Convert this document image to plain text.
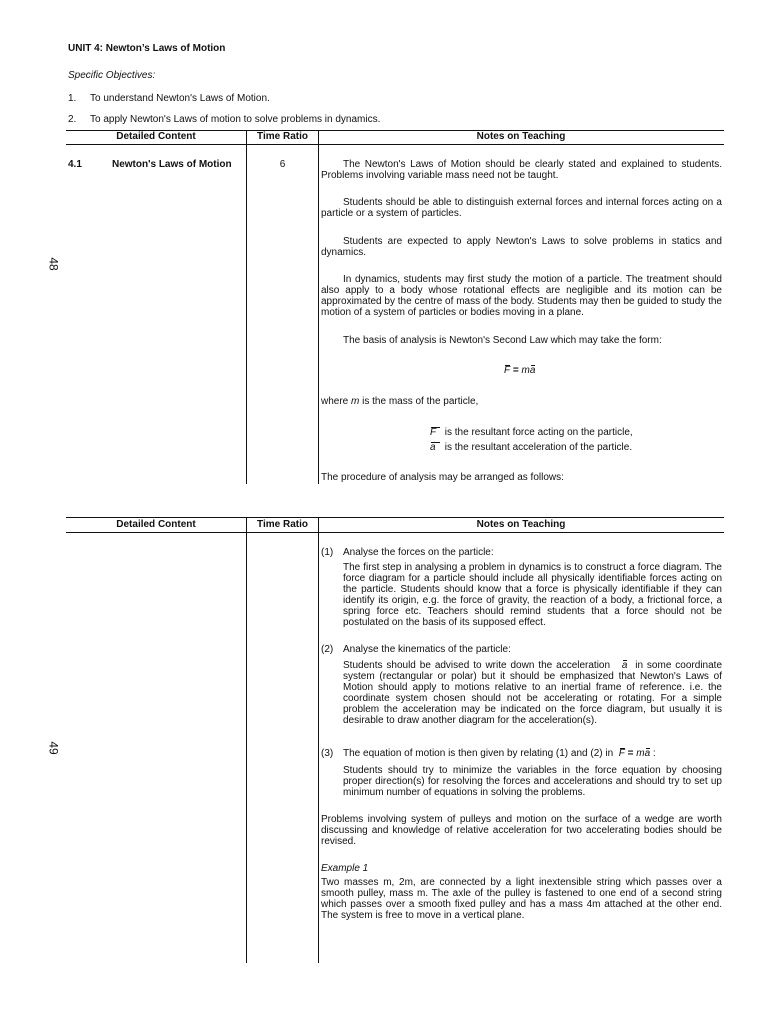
UNIT 4: Newton’s Laws of Motion
Specific Objectives:
1. To understand Newton's Laws of Motion.
2. To apply Newton's Laws of motion to solve problems in dynamics.
Detailed Content	Time Ratio	Notes on Teaching
48
4.1	Newton's Laws of Motion	6	The Newton's Laws of Motion should be clearly stated and explained to students. Problems involving variable mass need not be taught.
Students should be able to distinguish external forces and internal forces acting on a particle or a system of particles.
Students are expected to apply Newton's Laws to solve problems in statics and dynamics.
In dynamics, students may first study the motion of a particle. The treatment should also apply to a body whose rotational effects are negligible and its motion can be approximated by the centre of mass of the body. Students may then be guided to study the motion of a system of particles or bodies moving in a plane.
The basis of analysis is Newton's Second Law which may take the form:
F = ma
where m is the mass of the particle,
F is the resultant force acting on the particle,
a is the resultant acceleration of the particle.
The procedure of analysis may be arranged as follows:
Detailed Content	Time Ratio	Notes on Teaching
49
(1) Analyse the forces on the particle:
The first step in analysing a problem in dynamics is to construct a force diagram. The force diagram for a particle should include all physically identifiable forces acting on the particle. Students should know that a force is physically identifiable if they can identify its origin, e.g. the force of gravity, the reaction of a body, a frictional force, a spring force etc. Teachers should remind students that a force should not be postulated on the basis of its supposed effect.
(2) Analyse the kinematics of the particle:
Students should be advised to write down the acceleration a in some coordinate system (rectangular or polar) but it should be emphasized that Newton's Laws of Motion should apply to motions relative to an inertial frame of reference. i.e. the coordinate system chosen should not be accelerating or rotating. For a simple problem the acceleration may be indicated on the force diagram, but usually it is desirable to draw another diagram for the acceleration(s).
(3) The equation of motion is then given by relating (1) and (2) in F = ma :
Students should try to minimize the variables in the force equation by choosing proper direction(s) for resolving the forces and accelerations and should try to set up minimum number of equations in solving the problems.
Problems involving system of pulleys and motion on the surface of a wedge are worth discussing and knowledge of relative acceleration for two accelerating bodies should be revised.
Example 1
Two masses m, 2m, are connected by a light inextensible string which passes over a smooth pulley, mass m. The axle of the pulley is fastened to one end of a second string which passes over a smooth fixed pulley and has a mass 4m attached at the other end. The system is free to move in a vertical plane.
